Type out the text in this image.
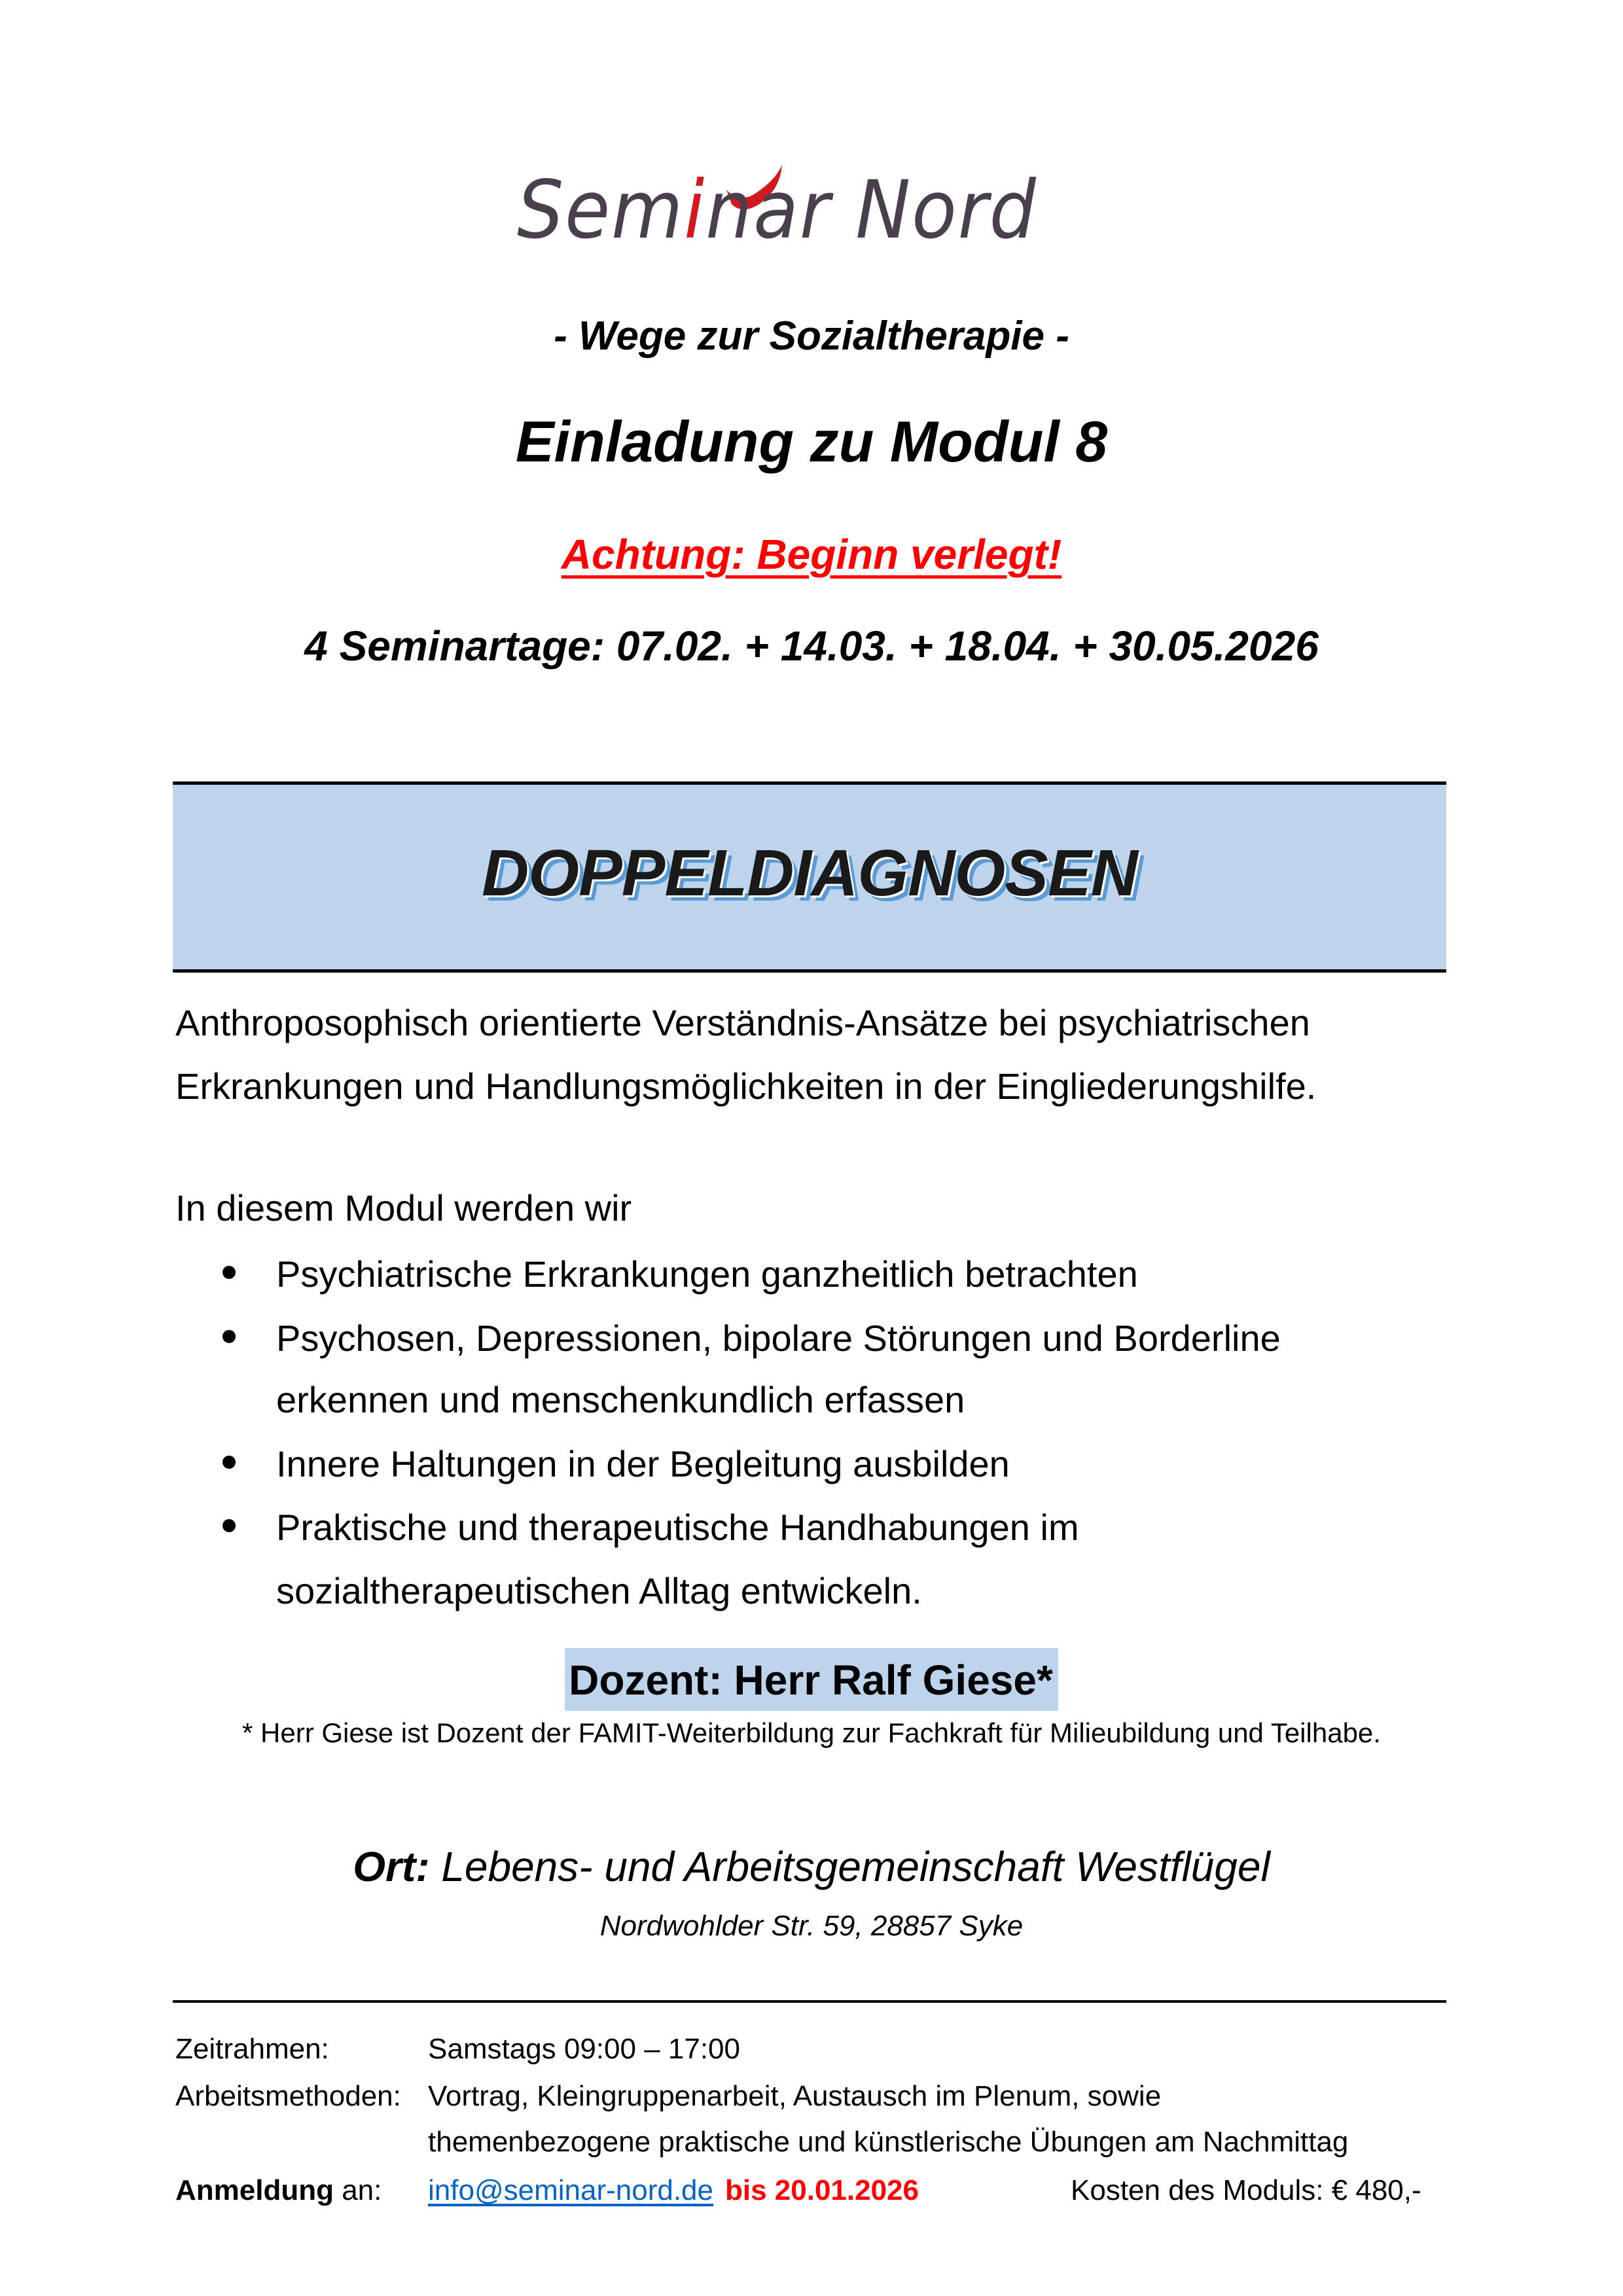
Seminar Nord
- Wege zur Sozialtherapie -
Einladung zu Modul 8
Achtung: Beginn verlegt!
4 Seminartage: 07.02. + 14.03. + 18.04. + 30.05.2026
DOPPELDIAGNOSEN
Anthroposophisch orientierte Verständnis-Ansätze bei psychiatrischen
Erkrankungen und Handlungsmöglichkeiten in der Eingliederungshilfe.
In diesem Modul werden wir
Psychiatrische Erkrankungen ganzheitlich betrachten
Psychosen, Depressionen, bipolare Störungen und Borderline
erkennen und menschenkundlich erfassen
Innere Haltungen in der Begleitung ausbilden
Praktische und therapeutische Handhabungen im
sozialtherapeutischen Alltag entwickeln.
Dozent: Herr Ralf Giese*
* Herr Giese ist Dozent der FAMIT-Weiterbildung zur Fachkraft für Milieubildung und Teilhabe.
Ort: Lebens- und Arbeitsgemeinschaft Westflügel
Nordwohlder Str. 59, 28857 Syke
Zeitrahmen:	Samstags 09:00 – 17:00
Arbeitsmethoden: Vortrag, Kleingruppenarbeit, Austausch im Plenum, sowie
themenbezogene praktische und künstlerische Übungen am Nachmittag
Anmeldung an: info@seminar-nord.de bis 20.01.2026	Kosten des Moduls: € 480,-
